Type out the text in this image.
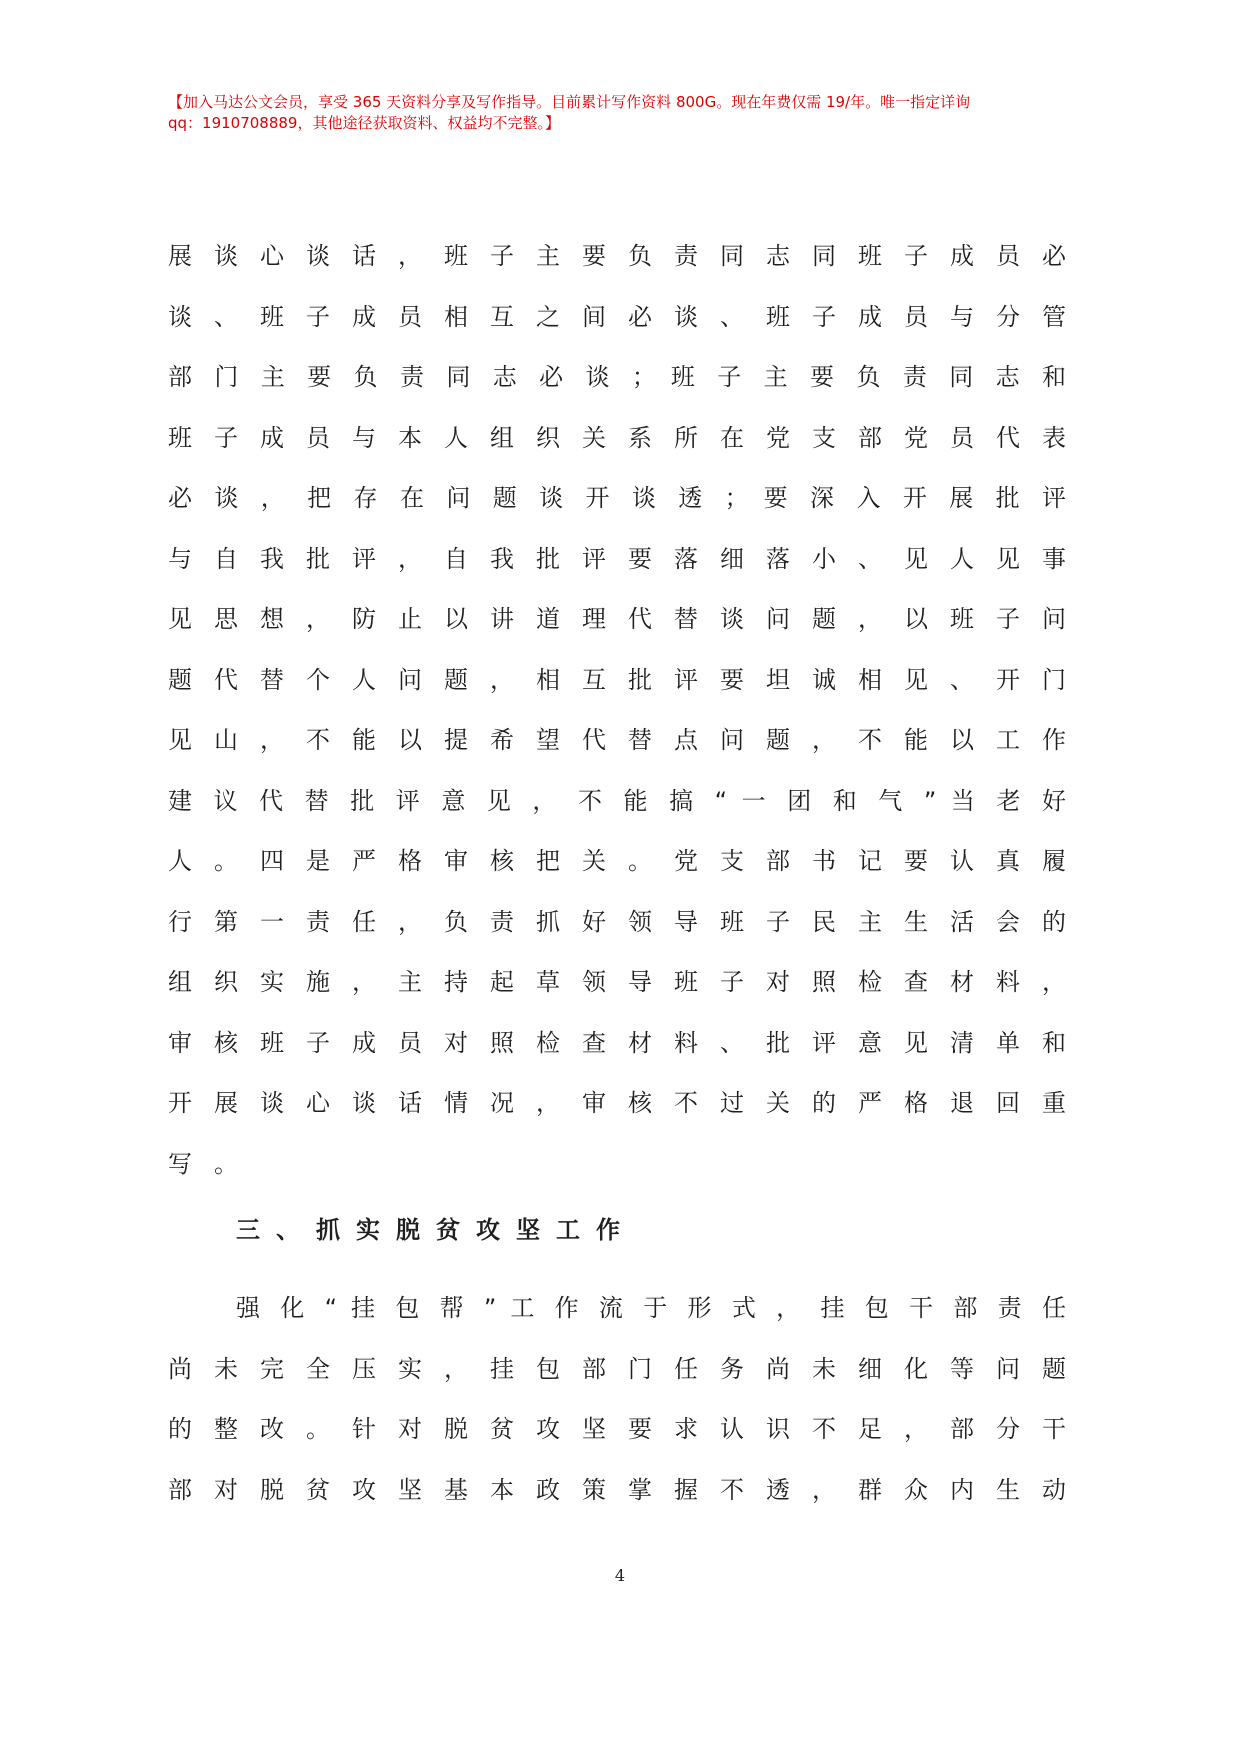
【加入马达公文会员，享受 365 天资料分享及写作指导。目前累计写作资料 800G。现在年费仅需 19/年。唯一指定详询
qq：1910708889，其他途径获取资料、权益均不完整。】
展 谈 心 谈 话 ， 班 子 主 要 负 责 同 志 同 班 子 成 员 必
谈 、 班 子 成 员 相 互 之 间 必 谈 、 班 子 成 员 与 分 管
部 门 主 要 负 责 同 志 必 谈 ； 班 子 主 要 负 责 同 志 和
班 子 成 员 与 本 人 组 织 关 系 所 在 党 支 部 党 员 代 表
必 谈 ， 把 存 在 问 题 谈 开 谈 透 ； 要 深 入 开 展 批 评
与 自 我 批 评 ， 自 我 批 评 要 落 细 落 小 、 见 人 见 事
见 思 想 ， 防 止 以 讲 道 理 代 替 谈 问 题 ， 以 班 子 问
题 代 替 个 人 问 题 ， 相 互 批 评 要 坦 诚 相 见 、 开 门
见 山 ， 不 能 以 提 希 望 代 替 点 问 题 ， 不 能 以 工 作
建 议 代 替 批 评 意 见 ， 不 能 搞 “ 一 团 和 气 ” 当 老 好
人 。 四 是 严 格 审 核 把 关 。 党 支 部 书 记 要 认 真 履
行 第 一 责 任 ， 负 责 抓 好 领 导 班 子 民 主 生 活 会 的
组 织 实 施 ， 主 持 起 草 领 导 班 子 对 照 检 查 材 料 ，
审 核 班 子 成 员 对 照 检 查 材 料 、 批 评 意 见 清 单 和
开 展 谈 心 谈 话 情 况 ， 审 核 不 过 关 的 严 格 退 回 重
写。
三、抓实脱贫攻坚工作
强 化 “ 挂 包 帮 ” 工 作 流 于 形 式 ， 挂 包 干 部 责 任
尚 未 完 全 压 实 ， 挂 包 部 门 任 务 尚 未 细 化 等 问 题
的 整 改 。 针 对 脱 贫 攻 坚 要 求 认 识 不 足 ， 部 分 干
部 对 脱 贫 攻 坚 基 本 政 策 掌 握 不 透 ， 群 众 内 生 动
4
